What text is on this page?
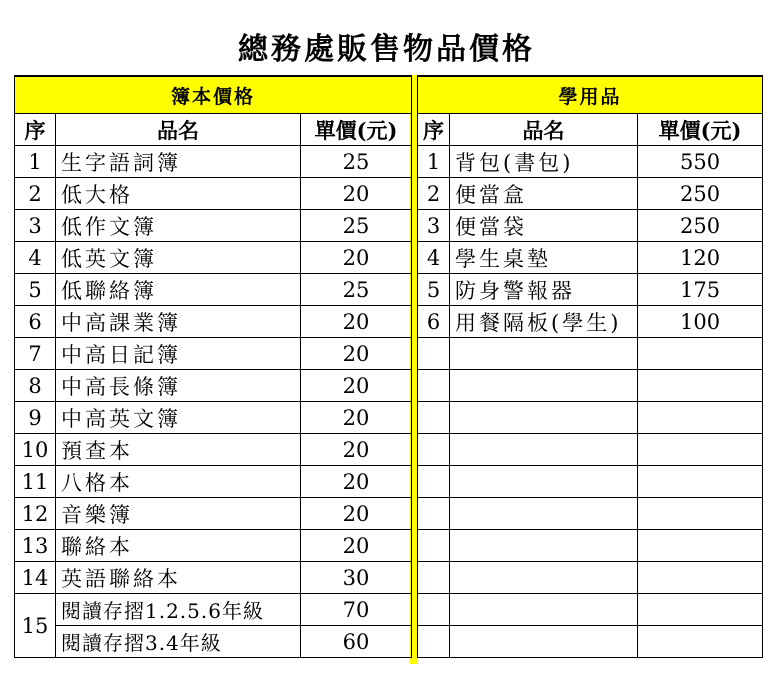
總務處販售物品價格
簿本價格		
序	品名	單價(元)
1	生字語詞簿	25
2	低大格	20
3	低作文簿	25
4	低英文簿	20
5	低聯絡簿	25
6	中高課業簿	20
7	中高日記簿	20
8	中高長條簿	20
9	中高英文簿	20
10	預查本	20
11	八格本	20
12	音樂簿	20
13	聯絡本	20
14	英語聯絡本	30
15	閱讀存摺1.2.5.6年級	70
	閱讀存摺3.4年級	60
學用品		
序	品名	單價(元)
1	背包(書包)	550
2	便當盒	250
3	便當袋	250
4	學生桌墊	120
5	防身警報器	175
6	用餐隔板(學生)	100
